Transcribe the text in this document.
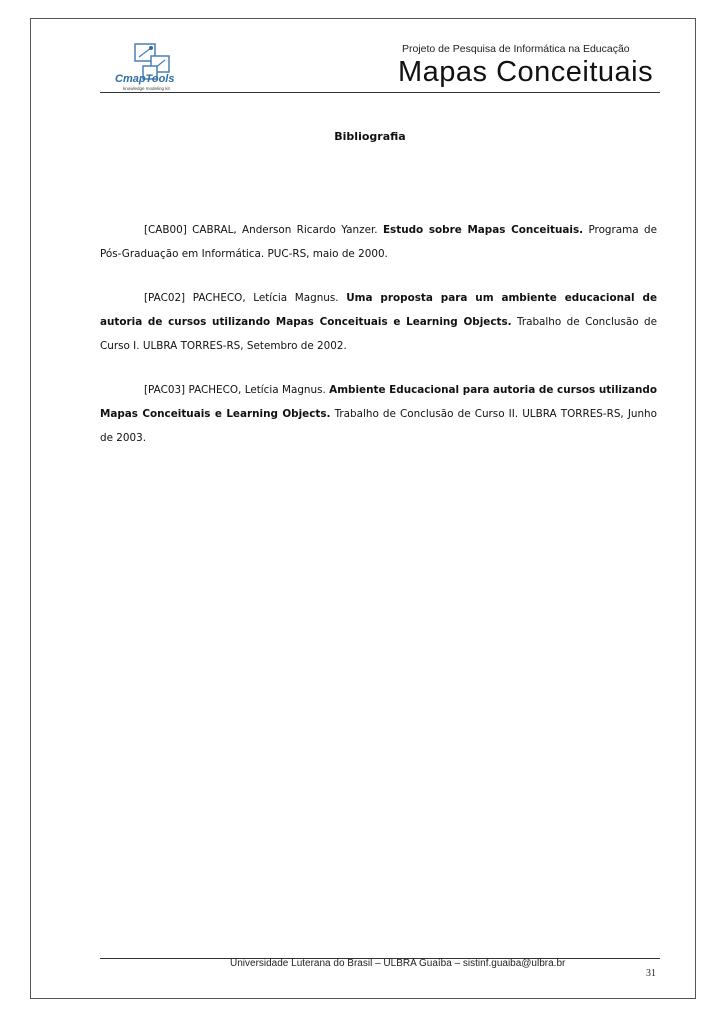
CmapTools
knowledge modeling kit
Projeto de Pesquisa de Informática na Educação
Mapas Conceituais
Bibliografia

[CAB00] CABRAL, Anderson Ricardo Yanzer. Estudo sobre Mapas Conceituais. Programa de Pós-Graduação em Informática. PUC-RS, maio de 2000.

[PAC02] PACHECO, Letícia Magnus. Uma proposta para um ambiente educacional de autoria de cursos utilizando Mapas Conceituais e Learning Objects. Trabalho de Conclusão de Curso I. ULBRA TORRES-RS, Setembro de 2002.

[PAC03] PACHECO, Letícia Magnus. Ambiente Educacional para autoria de cursos utilizando Mapas Conceituais e Learning Objects. Trabalho de Conclusão de Curso II. ULBRA TORRES-RS, Junho de 2003.

Universidade Luterana do Brasil – ULBRA Guaíba – sistinf.guaiba@ulbra.br
31
